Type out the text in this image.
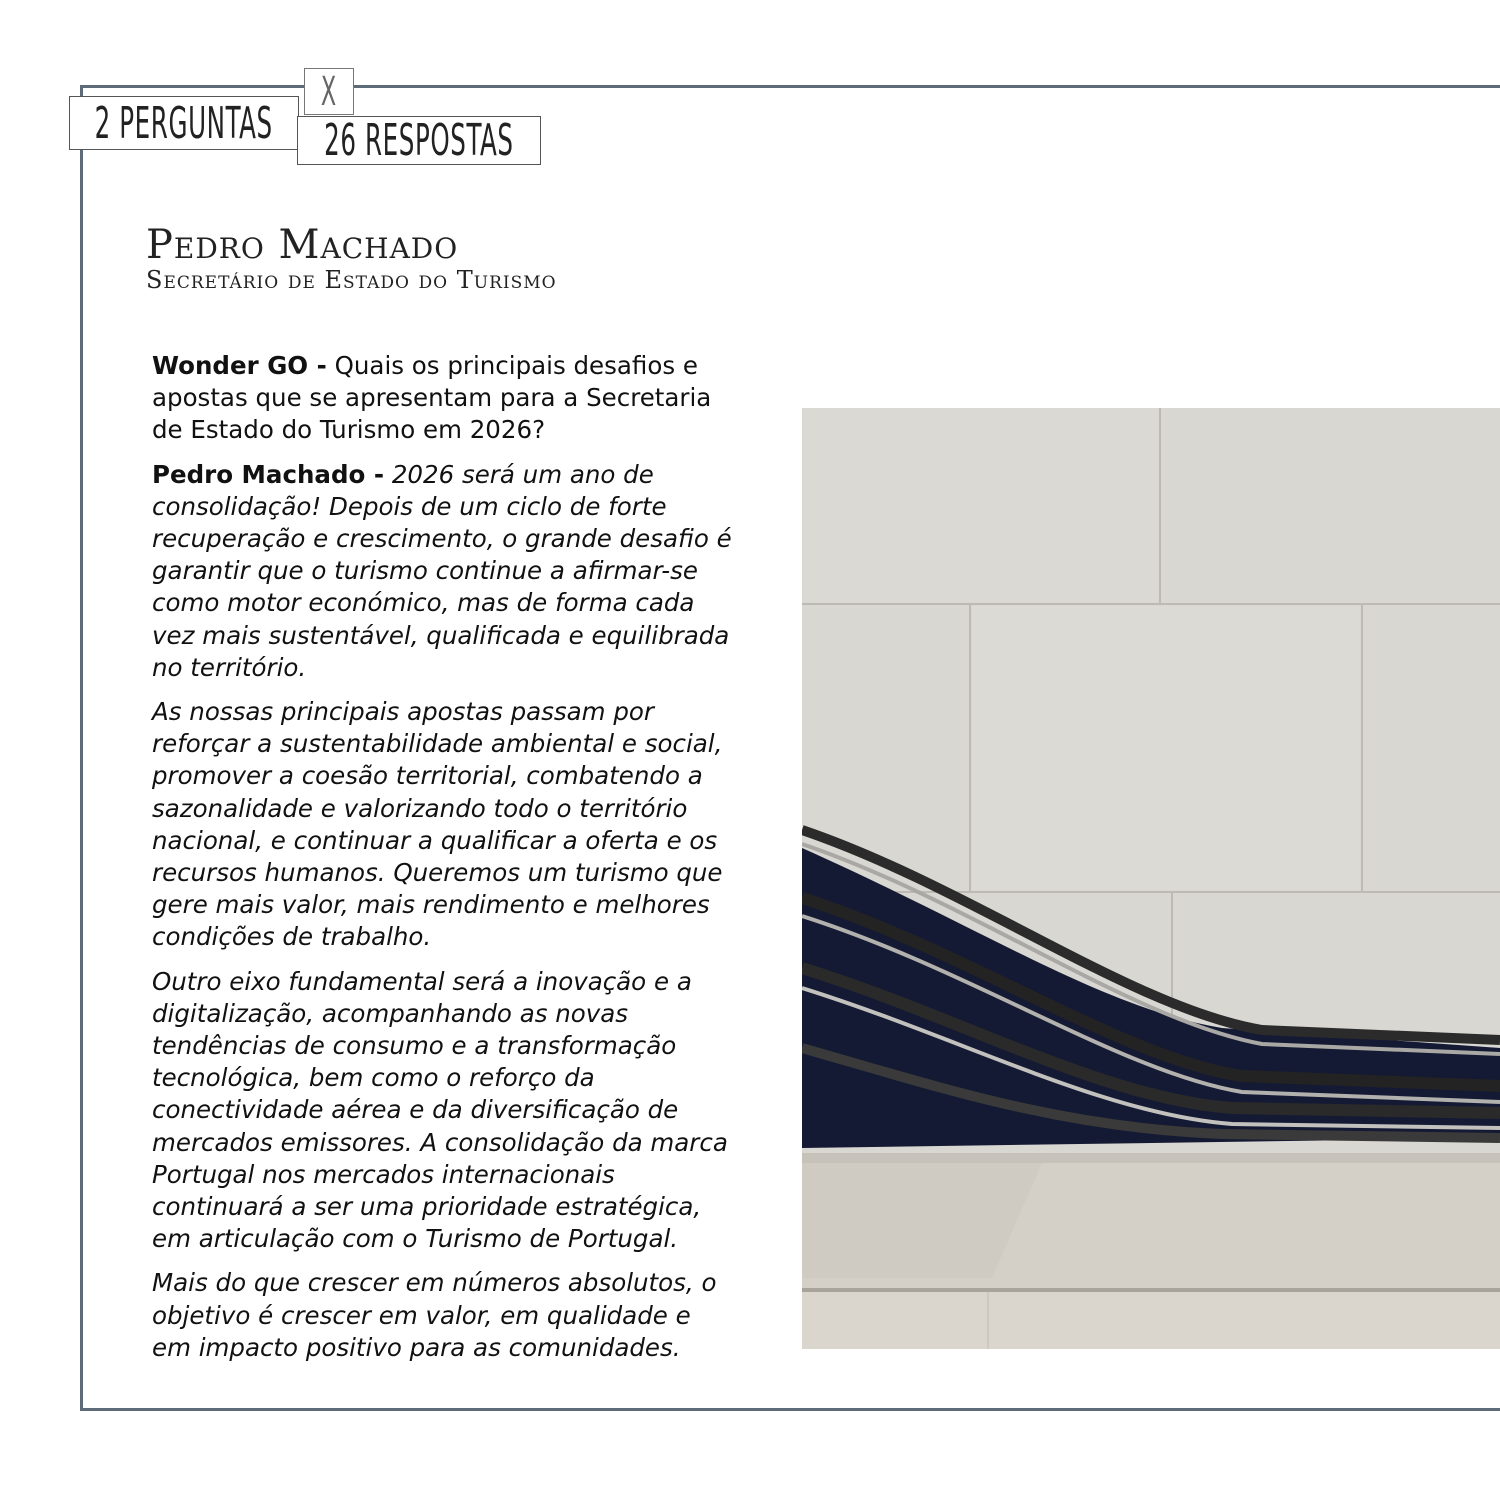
X
2 PERGUNTAS 26 RESPOSTAS
Pedro Machado
Secretário de Estado do Turismo

Wonder GO - Quais os principais desafios e apostas que se apresentam para a Secretaria de Estado do Turismo em 2026?

Pedro Machado - 2026 será um ano de consolidação! Depois de um ciclo de forte recuperação e crescimento, o grande desafio é garantir que o turismo continue a afirmar-se como motor económico, mas de forma cada vez mais sustentável, qualificada e equilibrada no território.

As nossas principais apostas passam por reforçar a sustentabilidade ambiental e social, promover a coesão territorial, combatendo a sazonalidade e valorizando todo o território nacional, e continuar a qualificar a oferta e os recursos humanos. Queremos um turismo que gere mais valor, mais rendimento e melhores condições de trabalho.

Outro eixo fundamental será a inovação e a digitalização, acompanhando as novas tendências de consumo e a transformação tecnológica, bem como o reforço da conectividade aérea e da diversificação de mercados emissores. A consolidação da marca Portugal nos mercados internacionais continuará a ser uma prioridade estratégica, em articulação com o Turismo de Portugal.

Mais do que crescer em números absolutos, o objetivo é crescer em valor, em qualidade e em impacto positivo para as comunidades.
